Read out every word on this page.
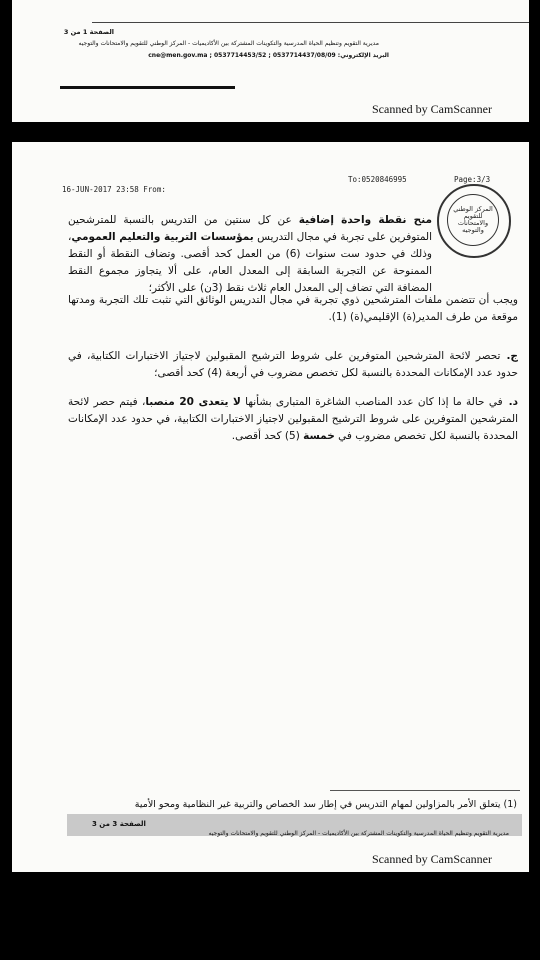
الصفحة 1 من 3
مديرية التقويم وتنظيم الحياة المدرسية والتكوينات المشتركة بين الأكاديميات - المركز الوطني للتقويم والامتحانات والتوجيه
البريد الإلكتروني: cne@men.gov.ma ; 0537714453/52 ; 0537714437/08/09
Scanned by CamScanner
16-JUN-2017 23:58 From:
To:0520846995	Page:3/3
المركز الوطني للتقويم والامتحانات والتوجيه
منح نقطة واحدة إضافية عن كل سنتين من التدريس بالنسبة للمترشحين المتوفرين على تجربة في مجال التدريس بمؤسسات التربية والتعليم العمومي، وذلك في حدود ست سنوات (6) من العمل كحد أقصى. وتضاف النقطة أو النقط الممنوحة عن التجربة السابقة إلى المعدل العام، على ألا يتجاوز مجموع النقط المضافة التي تضاف إلى المعدل العام ثلاث نقط (3ن) على الأكثر؛
ويجب أن تتضمن ملفات المترشحين ذوي تجربة في مجال التدريس الوثائق التي تثبت تلك التجربة ومدتها موقعة من طرف المدير(ة) الإقليمي(ة) (1).
ج.تحصر لائحة المترشحين المتوفرين على شروط الترشيح المقبولين لاجتياز الاختبارات الكتابية، في حدود عدد الإمكانات المحددة بالنسبة لكل تخصص مضروب في أربعة (4) كحد أقصى؛
د.في حالة ما إذا كان عدد المناصب الشاغرة المتبارى بشأنها لا يتعدى 20 منصبا، فيتم حصر لائحة المترشحين المتوفرين على شروط الترشيح المقبولين لاجتياز الاختبارات الكتابية، في حدود عدد الإمكانات المحددة بالنسبة لكل تخصص مضروب في خمسة (5) كحد أقصى.
(1) يتعلق الأمر بالمزاولين لمهام التدريس في إطار سد الخصاص والتربية غير النظامية ومحو الأمية
الصفحة 3 من 3
مديرية التقويم وتنظيم الحياة المدرسية والتكوينات المشتركة بين الأكاديميات - المركز الوطني للتقويم والامتحانات والتوجيه
Scanned by CamScanner
